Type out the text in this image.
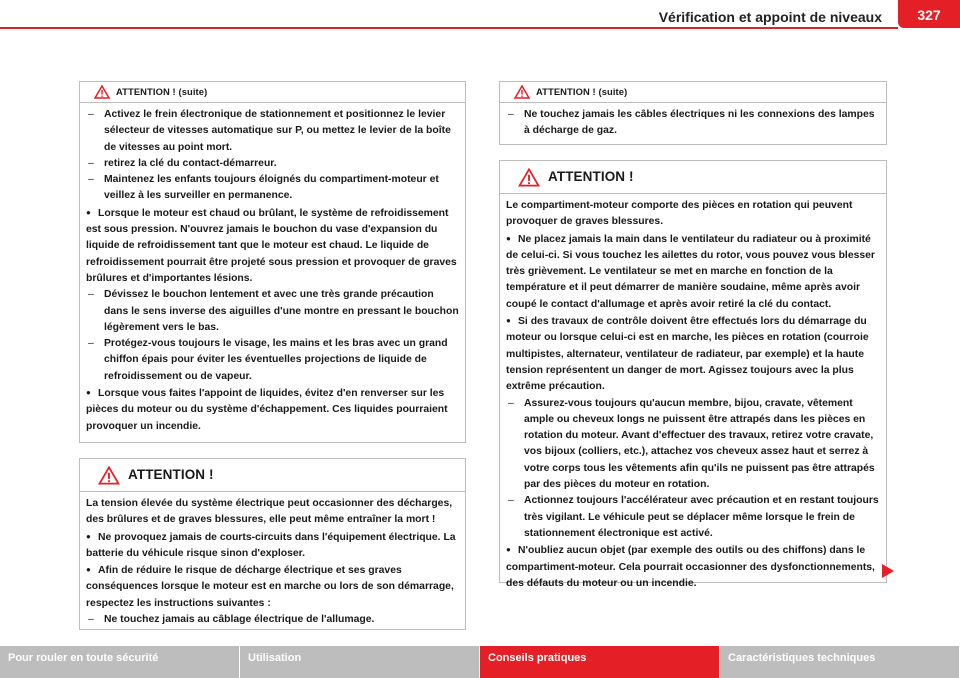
Vérification et appoint de niveaux	327
ATTENTION ! (suite)

– Activez le frein électronique de stationnement et positionnez le levier sélecteur de vitesses automatique sur P, ou mettez le levier de la boîte de vitesses au point mort.

– retirez la clé du contact-démarreur.

– Maintenez les enfants toujours éloignés du compartiment-moteur et veillez à les surveiller en permanence.

● Lorsque le moteur est chaud ou brûlant, le système de refroidissement est sous pression. N'ouvrez jamais le bouchon du vase d'expansion du liquide de refroidissement tant que le moteur est chaud. Le liquide de refroidissement pourrait être projeté sous pression et provoquer de graves brûlures et d'importantes lésions.

– Dévissez le bouchon lentement et avec une très grande précaution dans le sens inverse des aiguilles d'une montre en pressant le bouchon légèrement vers le bas.

– Protégez-vous toujours le visage, les mains et les bras avec un grand chiffon épais pour éviter les éventuelles projections de liquide de refroidissement ou de vapeur.

● Lorsque vous faites l'appoint de liquides, évitez d'en renverser sur les pièces du moteur ou du système d'échappement. Ces liquides pourraient provoquer un incendie.

ATTENTION !

La tension élevée du système électrique peut occasionner des décharges, des brûlures et de graves blessures, elle peut même entraîner la mort !

● Ne provoquez jamais de courts-circuits dans l'équipement électrique. La batterie du véhicule risque sinon d'exploser.

● Afin de réduire le risque de décharge électrique et ses graves conséquences lorsque le moteur est en marche ou lors de son démarrage, respectez les instructions suivantes :

– Ne touchez jamais au câblage électrique de l'allumage.

ATTENTION ! (suite)

– Ne touchez jamais les câbles électriques ni les connexions des lampes à décharge de gaz.

ATTENTION !

Le compartiment-moteur comporte des pièces en rotation qui peuvent provoquer de graves blessures.

● Ne placez jamais la main dans le ventilateur du radiateur ou à proximité de celui-ci. Si vous touchez les ailettes du rotor, vous pouvez vous blesser très grièvement. Le ventilateur se met en marche en fonction de la température et il peut démarrer de manière soudaine, même après avoir coupé le contact d'allumage et après avoir retiré la clé du contact.

● Si des travaux de contrôle doivent être effectués lors du démarrage du moteur ou lorsque celui-ci est en marche, les pièces en rotation (courroie multipistes, alternateur, ventilateur de radiateur, par exemple) et la haute tension représentent un danger de mort. Agissez toujours avec la plus extrême précaution.

– Assurez-vous toujours qu'aucun membre, bijou, cravate, vêtement ample ou cheveux longs ne puissent être attrapés dans les pièces en rotation du moteur. Avant d'effectuer des travaux, retirez votre cravate, vos bijoux (colliers, etc.), attachez vos cheveux assez haut et serrez à votre corps tous les vêtements afin qu'ils ne puissent pas être attrapés par des pièces du moteur en rotation.

– Actionnez toujours l'accélérateur avec précaution et en restant toujours très vigilant. Le véhicule peut se déplacer même lorsque le frein de stationnement électronique est activé.

● N'oubliez aucun objet (par exemple des outils ou des chiffons) dans le compartiment-moteur. Cela pourrait occasionner des dysfonctionnements, des défauts du moteur ou un incendie.

Pour rouler en toute sécurité	Utilisation	Conseils pratiques	Caractéristiques techniques
